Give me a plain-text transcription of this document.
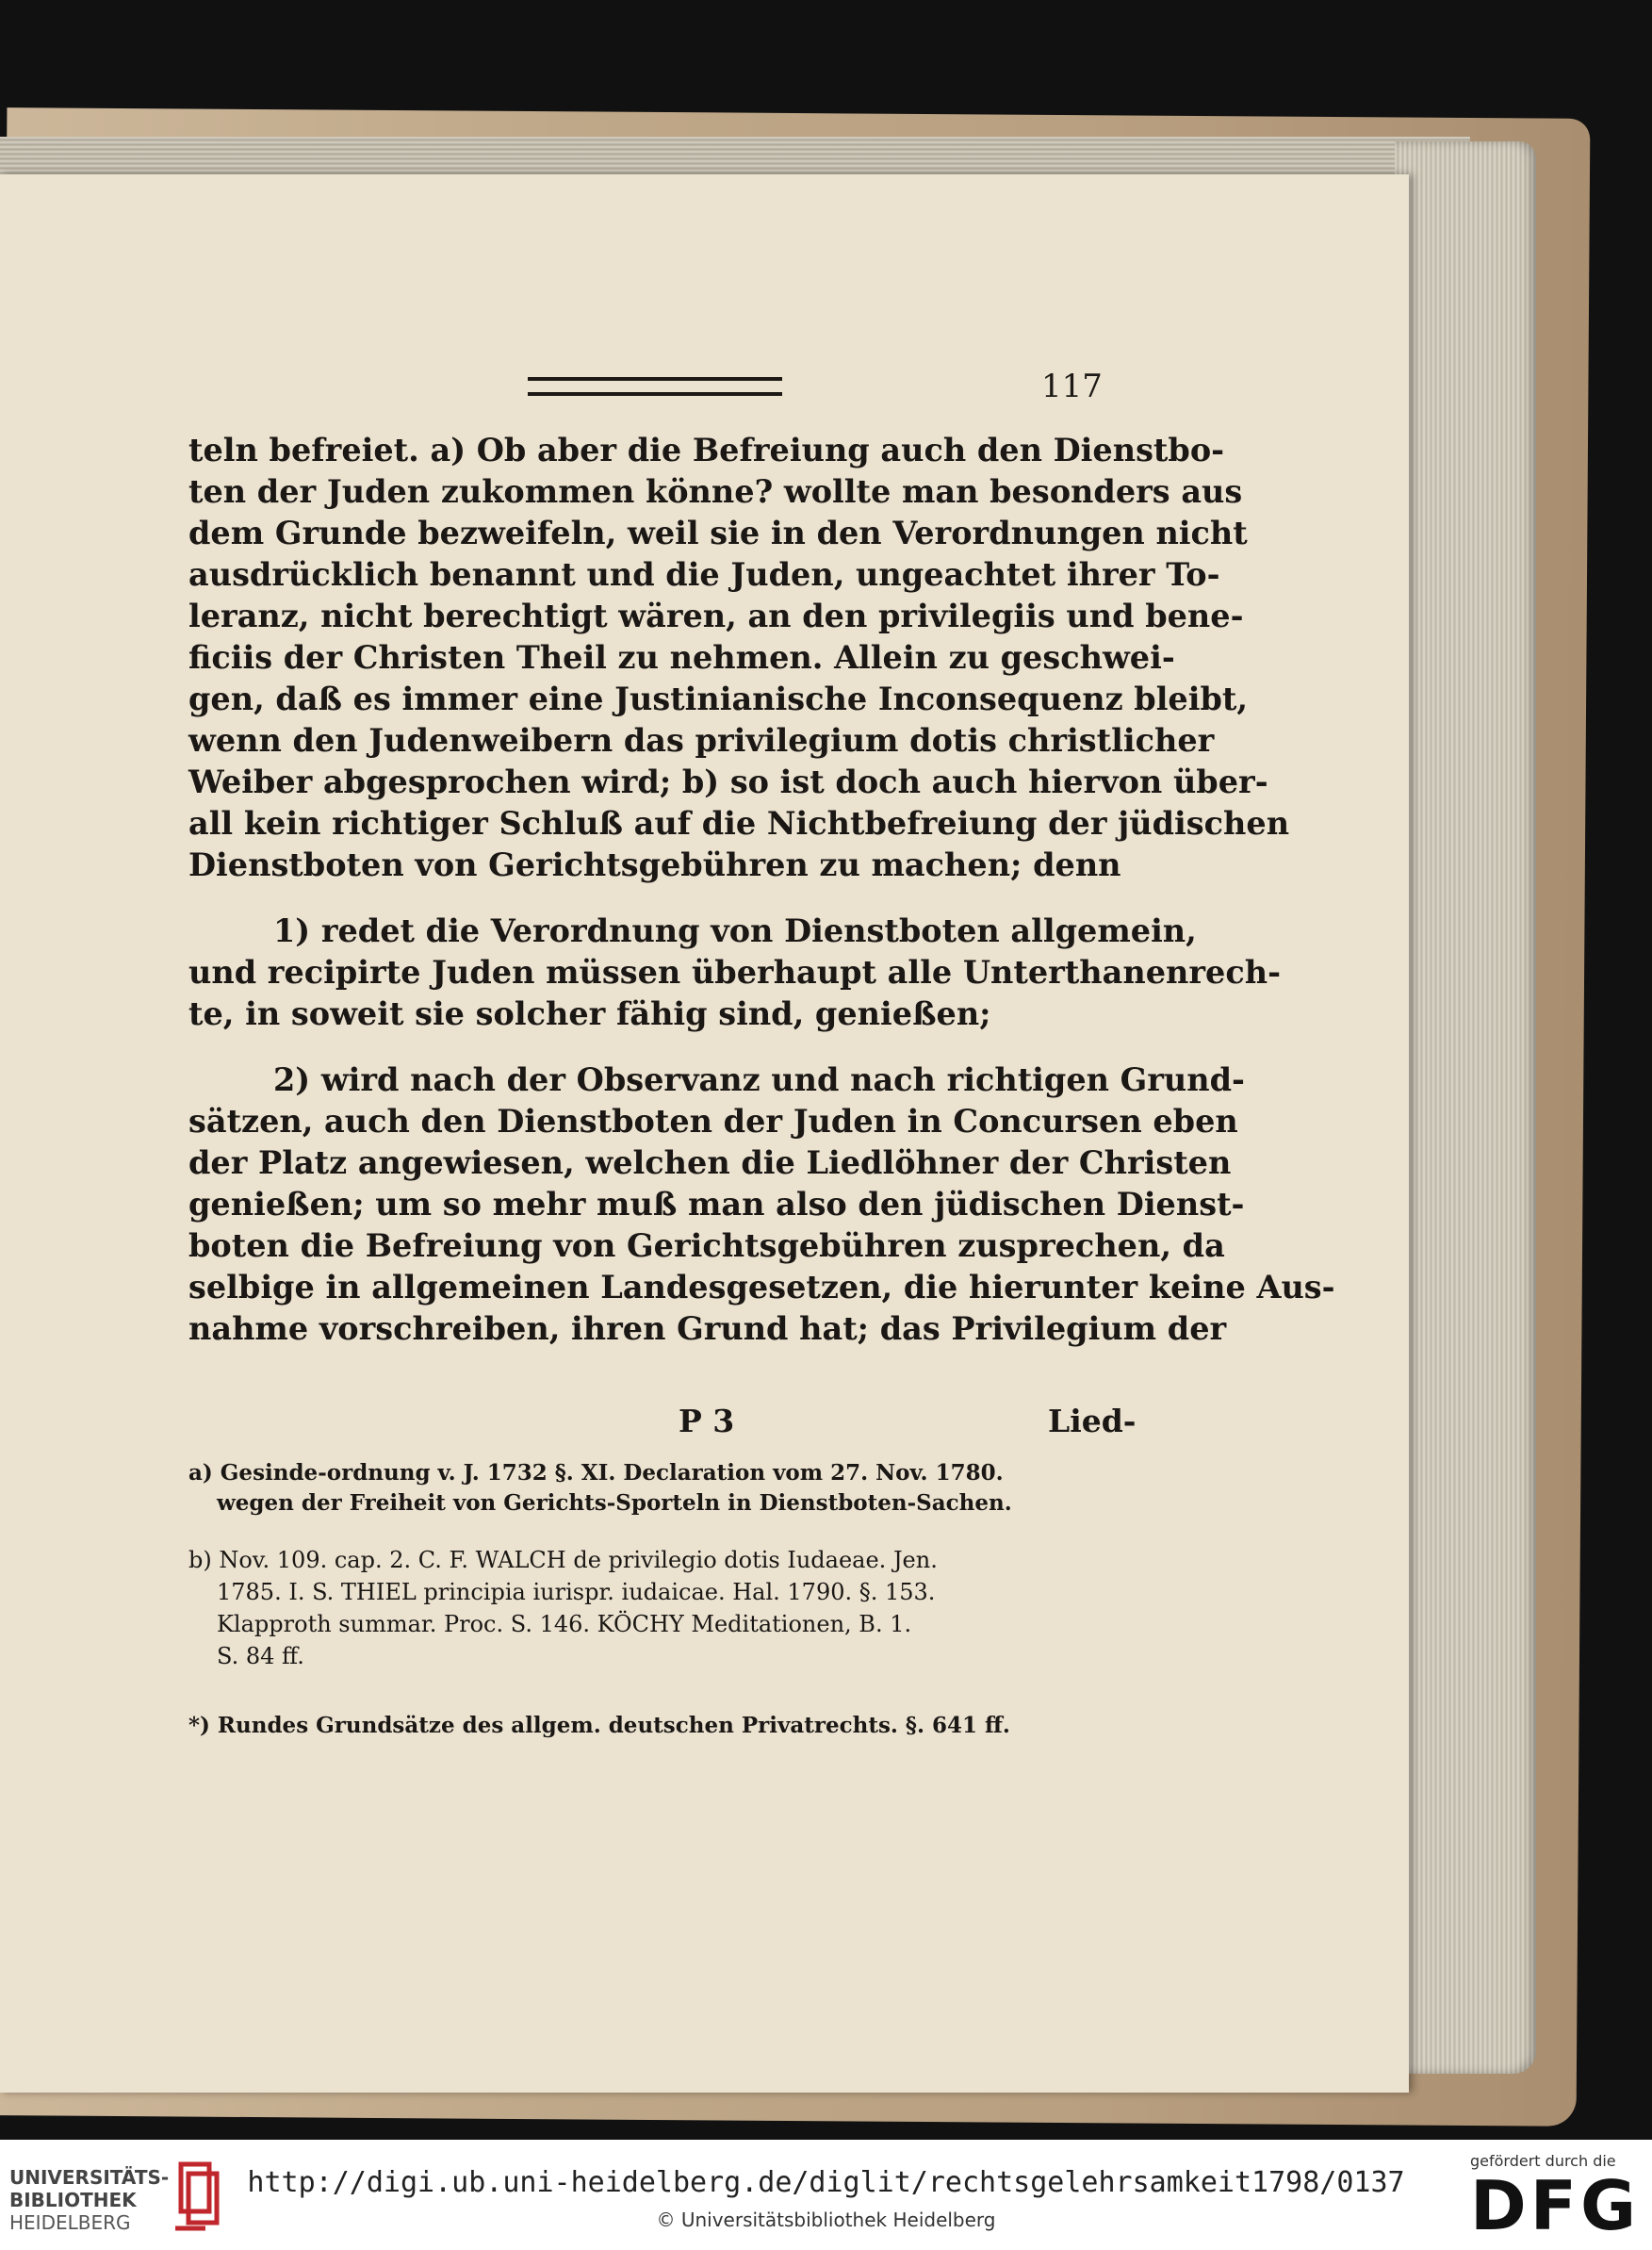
117
teln befreiet. a) Ob aber die Befreiung auch den Dienstbo-
ten der Juden zukommen könne? wollte man besonders aus
dem Grunde bezweifeln, weil sie in den Verordnungen nicht
ausdrücklich benannt und die Juden, ungeachtet ihrer To-
leranz, nicht berechtigt wären, an den privilegiis und bene-
ficiis der Christen Theil zu nehmen. Allein zu geschwei-
gen, daß es immer eine Justinianische Inconsequenz bleibt,
wenn den Judenweibern das privilegium dotis christlicher
Weiber abgesprochen wird; b) so ist doch auch hiervon über-
all kein richtiger Schluß auf die Nichtbefreiung der jüdischen
Dienstboten von Gerichtsgebühren zu machen; denn
1) redet die Verordnung von Dienstboten allgemein,
und recipirte Juden müssen überhaupt alle Unterthanenrech-
te, in soweit sie solcher fähig sind, genießen;
2) wird nach der Observanz und nach richtigen Grund-
sätzen, auch den Dienstboten der Juden in Concursen eben
der Platz angewiesen, welchen die Liedlöhner der Christen
genießen; um so mehr muß man also den jüdischen Dienst-
boten die Befreiung von Gerichtsgebühren zusprechen, da
selbige in allgemeinen Landesgesetzen, die hierunter keine Aus-
nahme vorschreiben, ihren Grund hat; das Privilegium der
P 3	Lied-
a) Gesinde-ordnung v. J. 1732 §. XI. Declaration vom 27. Nov. 1780.
wegen der Freiheit von Gerichts-Sporteln in Dienstboten-Sachen.
b) Nov. 109. cap. 2. C. F. WALCH de privilegio dotis Iudaeae. Jen.
1785. I. S. THIEL principia iurispr. iudaicae. Hal. 1790. §. 153.
Klapproth summar. Proc. S. 146. KÖCHY Meditationen, B. 1.
S. 84 ff.
*) Rundes Grundsätze des allgem. deutschen Privatrechts. §. 641 ff.
UNIVERSITÄTS-
BIBLIOTHEK
HEIDELBERG
http://digi.ub.uni-heidelberg.de/diglit/rechtsgelehrsamkeit1798/0137
© Universitätsbibliothek Heidelberg
gefördert durch die
DFG
